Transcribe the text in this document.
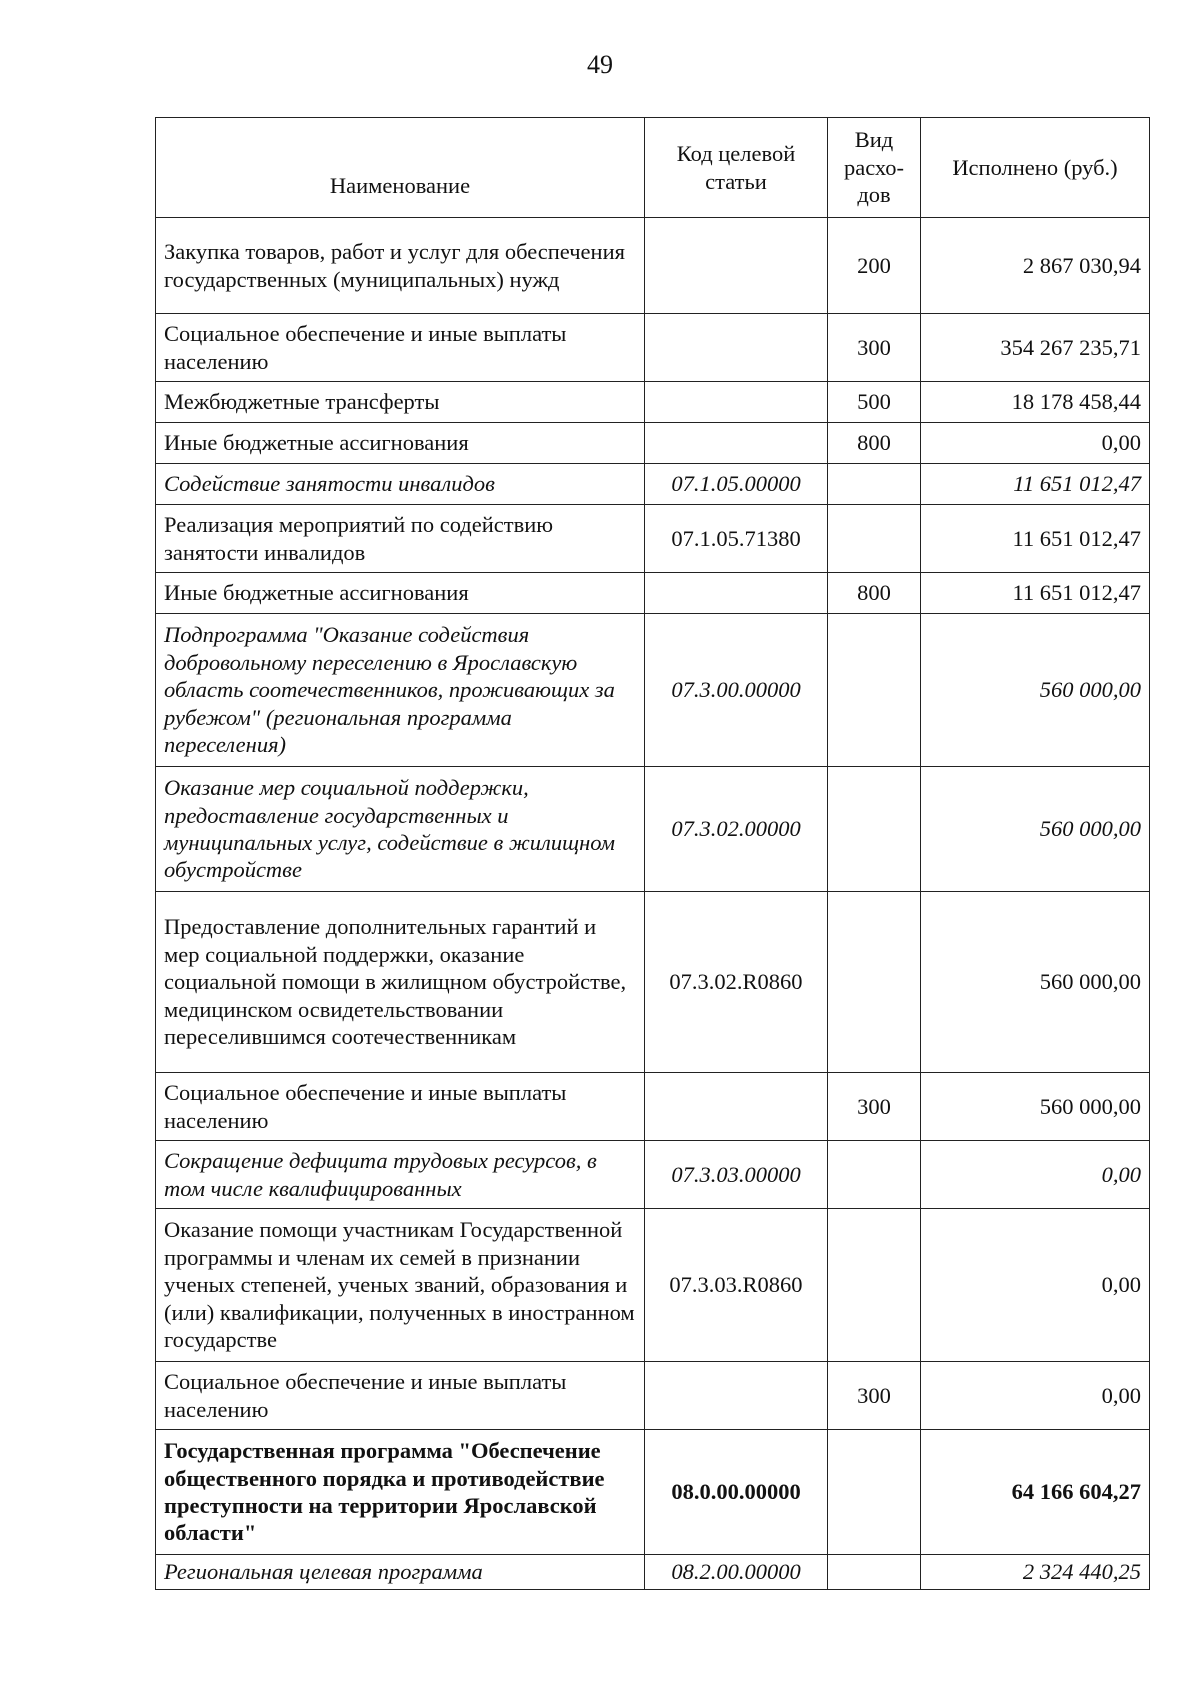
49
Наименование	Код целевой статьи	Вид расхо-дов	Исполнено (руб.)
Закупка товаров, работ и услуг для обеспечения государственных (муниципальных) нужд		200	2 867 030,94
Социальное обеспечение и иные выплаты населению		300	354 267 235,71
Межбюджетные трансферты		500	18 178 458,44
Иные бюджетные ассигнования		800	0,00
Содействие занятости инвалидов	07.1.05.00000		11 651 012,47
Реализация мероприятий по содействию занятости инвалидов	07.1.05.71380		11 651 012,47
Иные бюджетные ассигнования		800	11 651 012,47
Подпрограмма "Оказание содействия добровольному переселению в Ярославскую область соотечественников, проживающих за рубежом" (региональная программа переселения)	07.3.00.00000		560 000,00
Оказание мер социальной поддержки, предоставление государственных и муниципальных услуг, содействие в жилищном обустройстве	07.3.02.00000		560 000,00
Предоставление дополнительных гарантий и мер социальной поддержки, оказание социальной помощи в жилищном обустройстве, медицинском освидетельствовании переселившимся соотечественникам	07.3.02.R0860		560 000,00
Социальное обеспечение и иные выплаты населению		300	560 000,00
Сокращение дефицита трудовых ресурсов, в том числе квалифицированных	07.3.03.00000		0,00
Оказание помощи участникам Государственной программы и членам их семей в признании ученых степеней, ученых званий, образования и (или) квалификации, полученных в иностранном государстве	07.3.03.R0860		0,00
Социальное обеспечение и иные выплаты населению		300	0,00
Государственная программа "Обеспечение общественного порядка и противодействие преступности на территории Ярославской области"	08.0.00.00000		64 166 604,27
Региональная целевая программа	08.2.00.00000		2 324 440,25
